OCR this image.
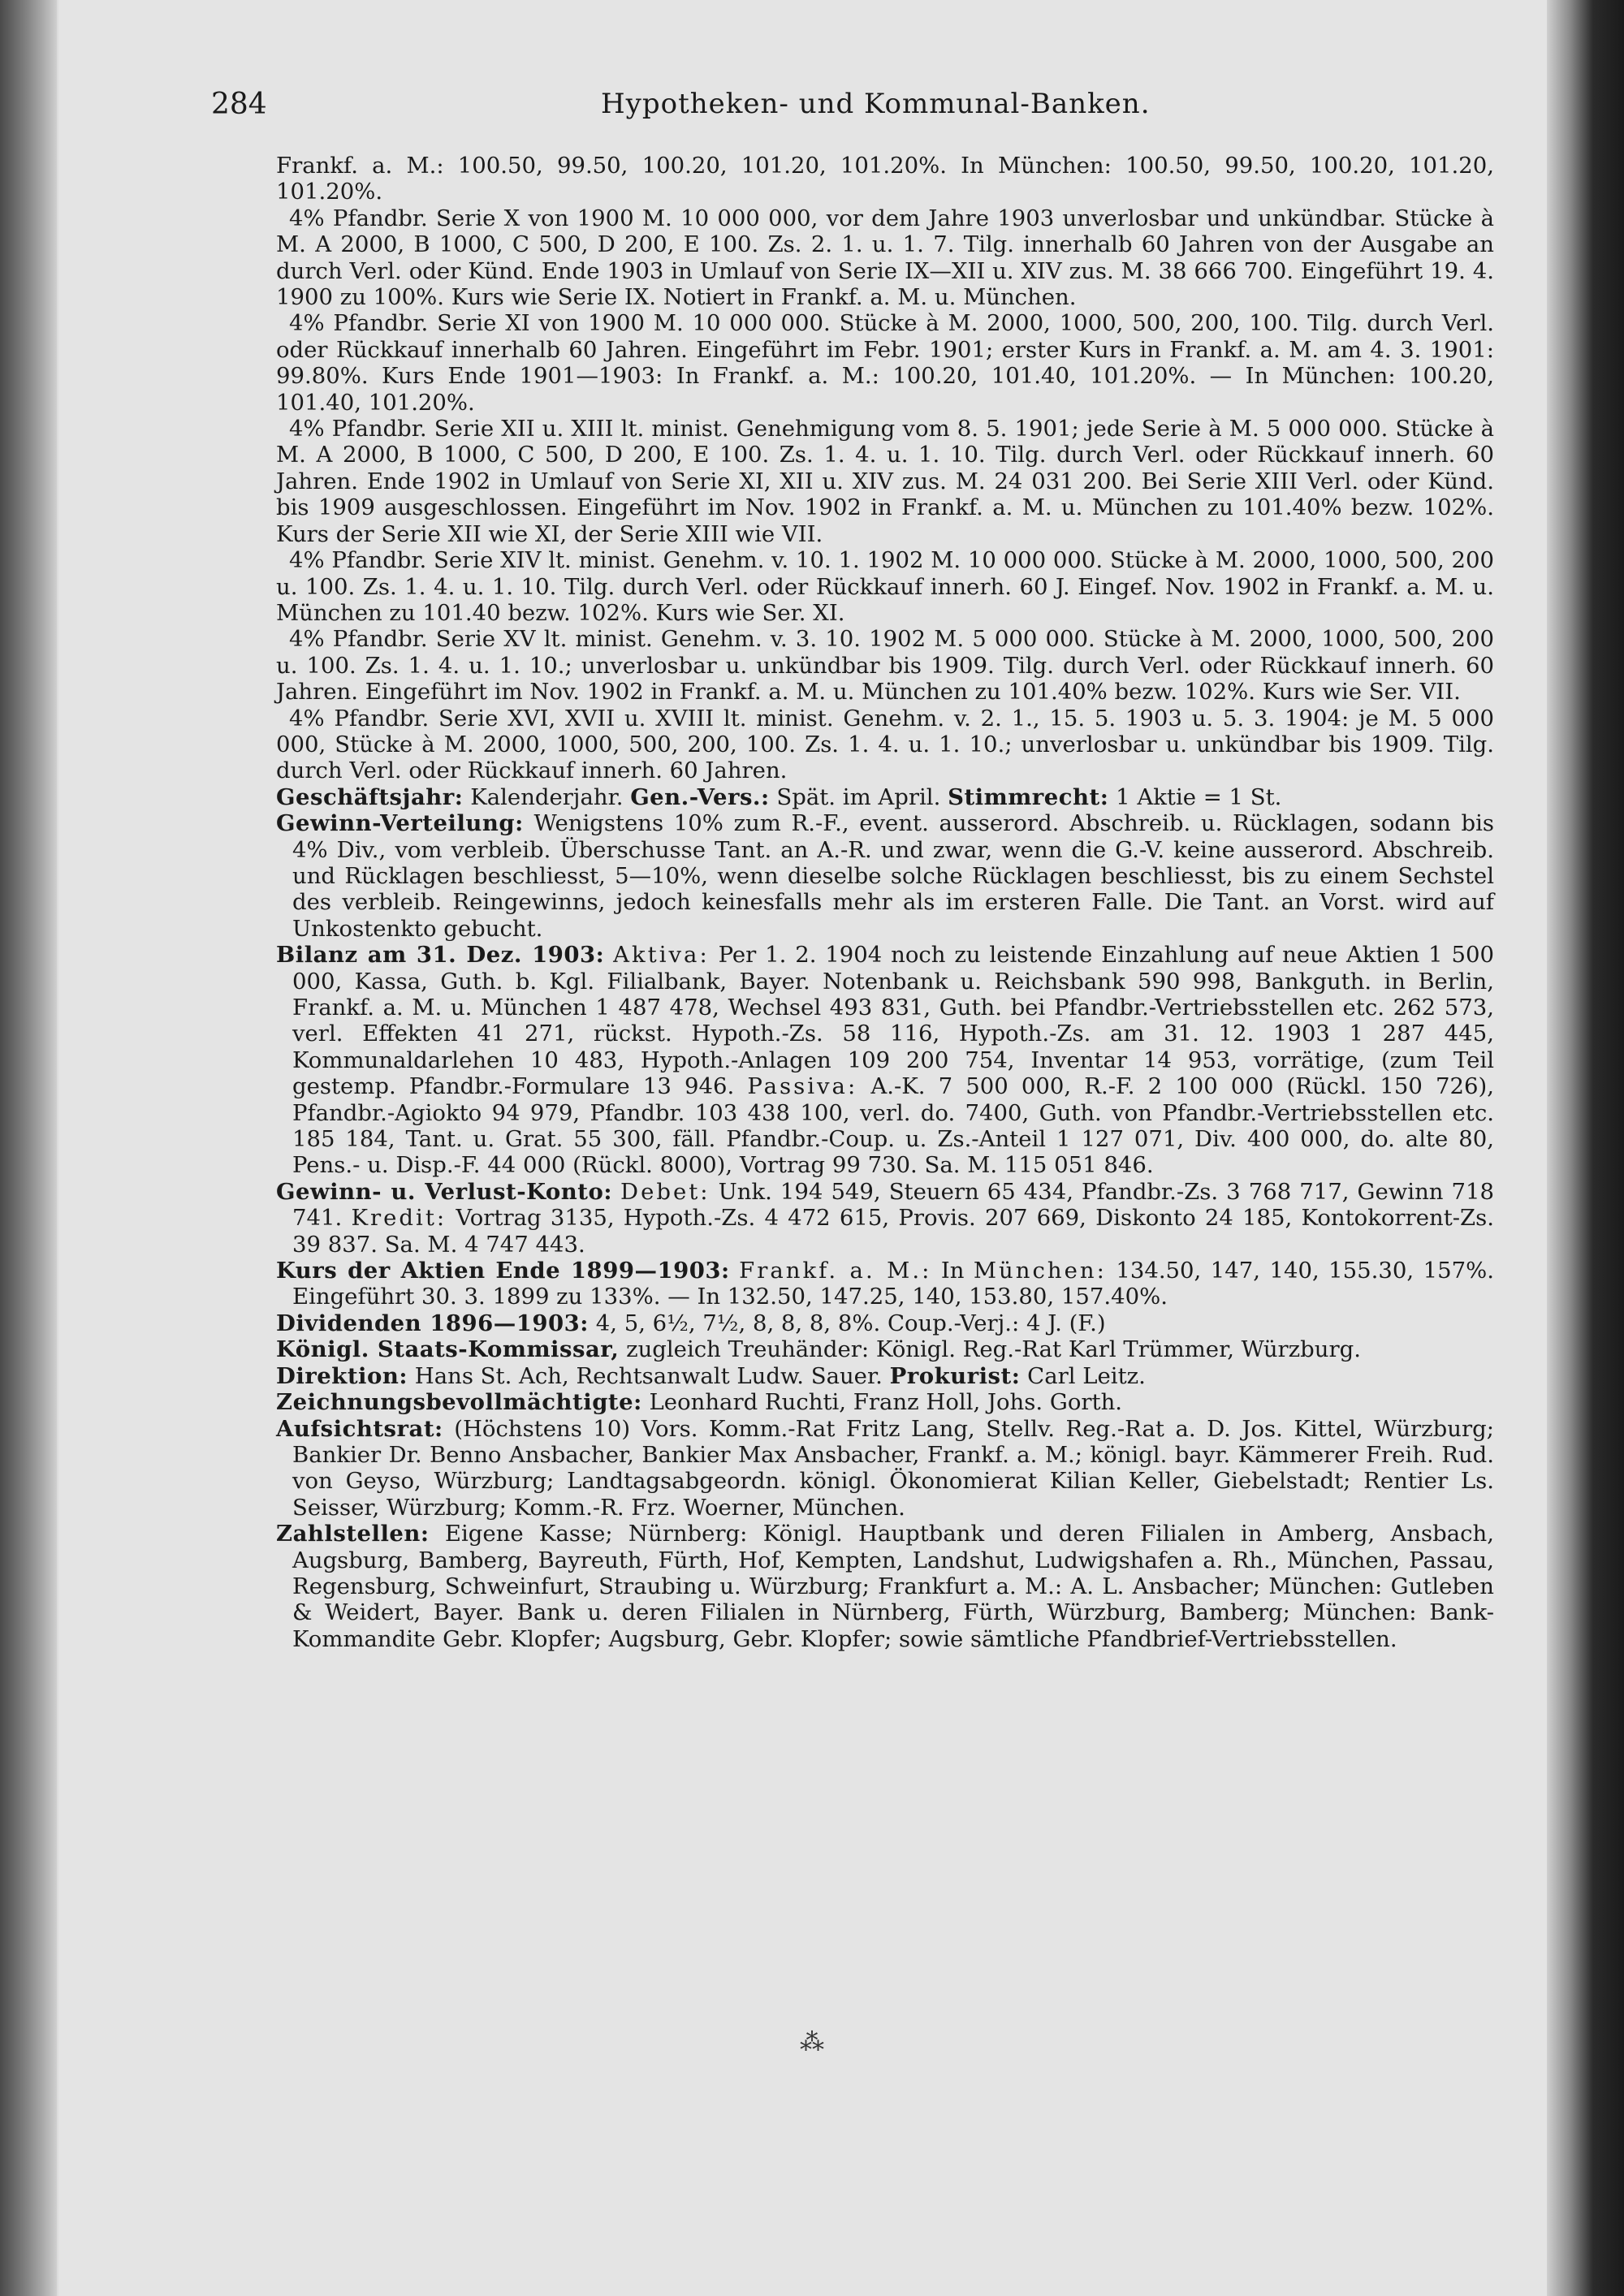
284	Hypotheken- und Kommunal-Banken.

Frankf. a. M.: 100.50, 99.50, 100.20, 101.20, 101.20%. In München: 100.50, 99.50, 100.20, 101.20, 101.20%.

4% Pfandbr. Serie X von 1900 M. 10 000 000, vor dem Jahre 1903 unverlosbar und unkündbar. Stücke à M. A 2000, B 1000, C 500, D 200, E 100. Zs. 2. 1. u. 1. 7. Tilg. innerhalb 60 Jahren von der Ausgabe an durch Verl. oder Künd. Ende 1903 in Umlauf von Serie IX—XII u. XIV zus. M. 38 666 700. Eingeführt 19. 4. 1900 zu 100%. Kurs wie Serie IX. Notiert in Frankf. a. M. u. München.

4% Pfandbr. Serie XI von 1900 M. 10 000 000. Stücke à M. 2000, 1000, 500, 200, 100. Tilg. durch Verl. oder Rückkauf innerhalb 60 Jahren. Eingeführt im Febr. 1901; erster Kurs in Frankf. a. M. am 4. 3. 1901: 99.80%. Kurs Ende 1901—1903: In Frankf. a. M.: 100.20, 101.40, 101.20%. — In München: 100.20, 101.40, 101.20%.

4% Pfandbr. Serie XII u. XIII lt. minist. Genehmigung vom 8. 5. 1901; jede Serie à M. 5 000 000. Stücke à M. A 2000, B 1000, C 500, D 200, E 100. Zs. 1. 4. u. 1. 10. Tilg. durch Verl. oder Rückkauf innerh. 60 Jahren. Ende 1902 in Umlauf von Serie XI, XII u. XIV zus. M. 24 031 200. Bei Serie XIII Verl. oder Künd. bis 1909 ausgeschlossen. Eingeführt im Nov. 1902 in Frankf. a. M. u. München zu 101.40% bezw. 102%. Kurs der Serie XII wie XI, der Serie XIII wie VII.

4% Pfandbr. Serie XIV lt. minist. Genehm. v. 10. 1. 1902 M. 10 000 000. Stücke à M. 2000, 1000, 500, 200 u. 100. Zs. 1. 4. u. 1. 10. Tilg. durch Verl. oder Rückkauf innerh. 60 J. Eingef. Nov. 1902 in Frankf. a. M. u. München zu 101.40 bezw. 102%. Kurs wie Ser. XI.

4% Pfandbr. Serie XV lt. minist. Genehm. v. 3. 10. 1902 M. 5 000 000. Stücke à M. 2000, 1000, 500, 200 u. 100. Zs. 1. 4. u. 1. 10.; unverlosbar u. unkündbar bis 1909. Tilg. durch Verl. oder Rückkauf innerh. 60 Jahren. Eingeführt im Nov. 1902 in Frankf. a. M. u. München zu 101.40% bezw. 102%. Kurs wie Ser. VII.

4% Pfandbr. Serie XVI, XVII u. XVIII lt. minist. Genehm. v. 2. 1., 15. 5. 1903 u. 5. 3. 1904: je M. 5 000 000, Stücke à M. 2000, 1000, 500, 200, 100. Zs. 1. 4. u. 1. 10.; unverlosbar u. unkündbar bis 1909. Tilg. durch Verl. oder Rückkauf innerh. 60 Jahren.

Geschäftsjahr: Kalenderjahr. Gen.-Vers.: Spät. im April. Stimmrecht: 1 Aktie = 1 St.

Gewinn-Verteilung: Wenigstens 10% zum R.-F., event. ausserord. Abschreib. u. Rücklagen, sodann bis 4% Div., vom verbleib. Überschusse Tant. an A.-R. und zwar, wenn die G.-V. keine ausserord. Abschreib. und Rücklagen beschliesst, 5—10%, wenn dieselbe solche Rücklagen beschliesst, bis zu einem Sechstel des verbleib. Reingewinns, jedoch keinesfalls mehr als im ersteren Falle. Die Tant. an Vorst. wird auf Unkostenkto gebucht.

Bilanz am 31. Dez. 1903: Aktiva: Per 1. 2. 1904 noch zu leistende Einzahlung auf neue Aktien 1 500 000, Kassa, Guth. b. Kgl. Filialbank, Bayer. Notenbank u. Reichsbank 590 998, Bankguth. in Berlin, Frankf. a. M. u. München 1 487 478, Wechsel 493 831, Guth. bei Pfandbr.-Vertriebsstellen etc. 262 573, verl. Effekten 41 271, rückst. Hypoth.-Zs. 58 116, Hypoth.-Zs. am 31. 12. 1903 1 287 445, Kommunaldarlehen 10 483, Hypoth.-Anlagen 109 200 754, Inventar 14 953, vorrätige, (zum Teil gestemp. Pfandbr.-Formulare 13 946. Passiva: A.-K. 7 500 000, R.-F. 2 100 000 (Rückl. 150 726), Pfandbr.-Agiokto 94 979, Pfandbr. 103 438 100, verl. do. 7400, Guth. von Pfandbr.-Vertriebsstellen etc. 185 184, Tant. u. Grat. 55 300, fäll. Pfandbr.-Coup. u. Zs.-Anteil 1 127 071, Div. 400 000, do. alte 80, Pens.- u. Disp.-F. 44 000 (Rückl. 8000), Vortrag 99 730. Sa. M. 115 051 846.

Gewinn- u. Verlust-Konto: Debet: Unk. 194 549, Steuern 65 434, Pfandbr.-Zs. 3 768 717, Gewinn 718 741. Kredit: Vortrag 3135, Hypoth.-Zs. 4 472 615, Provis. 207 669, Diskonto 24 185, Kontokorrent-Zs. 39 837. Sa. M. 4 747 443.

Kurs der Aktien Ende 1899—1903: Frankf. a. M.: In München: 134.50, 147, 140, 155.30, 157%. Eingeführt 30. 3. 1899 zu 133%. — In 132.50, 147.25, 140, 153.80, 157.40%.

Dividenden 1896—1903: 4, 5, 6½, 7½, 8, 8, 8, 8%. Coup.-Verj.: 4 J. (F.)

Königl. Staats-Kommissar, zugleich Treuhänder: Königl. Reg.-Rat Karl Trümmer, Würzburg.

Direktion: Hans St. Ach, Rechtsanwalt Ludw. Sauer. Prokurist: Carl Leitz.

Zeichnungsbevollmächtigte: Leonhard Ruchti, Franz Holl, Johs. Gorth.

Aufsichtsrat: (Höchstens 10) Vors. Komm.-Rat Fritz Lang, Stellv. Reg.-Rat a. D. Jos. Kittel, Würzburg; Bankier Dr. Benno Ansbacher, Bankier Max Ansbacher, Frankf. a. M.; königl. bayr. Kämmerer Freih. Rud. von Geyso, Würzburg; Landtagsabgeordn. königl. Ökonomierat Kilian Keller, Giebelstadt; Rentier Ls. Seisser, Würzburg; Komm.-R. Frz. Woerner, München.

Zahlstellen: Eigene Kasse; Nürnberg: Königl. Hauptbank und deren Filialen in Amberg, Ansbach, Augsburg, Bamberg, Bayreuth, Fürth, Hof, Kempten, Landshut, Ludwigshafen a. Rh., München, Passau, Regensburg, Schweinfurt, Straubing u. Würzburg; Frankfurt a. M.: A. L. Ansbacher; München: Gutleben & Weidert, Bayer. Bank u. deren Filialen in Nürnberg, Fürth, Würzburg, Bamberg; München: Bank-Kommandite Gebr. Klopfer; Augsburg, Gebr. Klopfer; sowie sämtliche Pfandbrief-Vertriebsstellen.

⁂
